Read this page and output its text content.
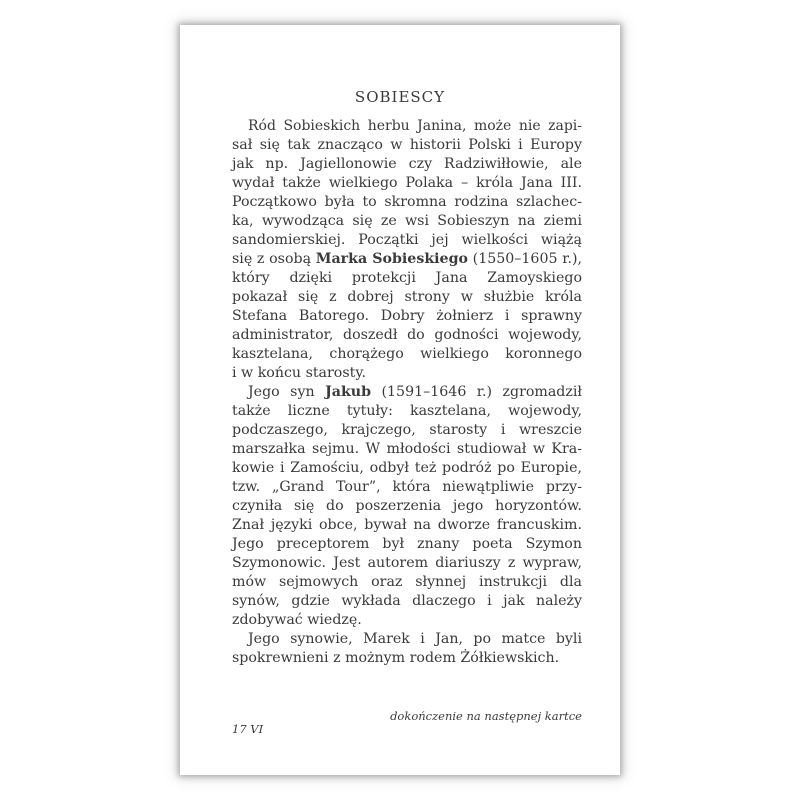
SOBIESCY
Ród Sobieskich herbu Janina, może nie zapi-
sał się tak znacząco w historii Polski i Europy
jak np. Jagiellonowie czy Radziwiłłowie, ale
wydał także wielkiego Polaka – króla Jana III.
Początkowo była to skromna rodzina szlachec-
ka, wywodząca się ze wsi Sobieszyn na ziemi
sandomierskiej. Początki jej wielkości wiążą
się z osobą Marka Sobieskiego (1550–1605 r.),
który dzięki protekcji Jana Zamoyskiego
pokazał się z dobrej strony w służbie króla
Stefana Batorego. Dobry żołnierz i sprawny
administrator, doszedł do godności wojewody,
kasztelana, chorążego wielkiego koronnego
i w końcu starosty.
Jego syn Jakub (1591–1646 r.) zgromadził
także liczne tytuły: kasztelana, wojewody,
podczaszego, krajczego, starosty i wreszcie
marszałka sejmu. W młodości studiował w Kra-
kowie i Zamościu, odbył też podróż po Europie,
tzw. „Grand Tour”, która niewątpliwie przy-
czyniła się do poszerzenia jego horyzontów.
Znał języki obce, bywał na dworze francuskim.
Jego preceptorem był znany poeta Szymon
Szymonowic. Jest autorem diariuszy z wypraw,
mów sejmowych oraz słynnej instrukcji dla
synów, gdzie wykłada dlaczego i jak należy
zdobywać wiedzę.
Jego synowie, Marek i Jan, po matce byli
spokrewnieni z możnym rodem Żółkiewskich.
dokończenie na następnej kartce
17 VI
